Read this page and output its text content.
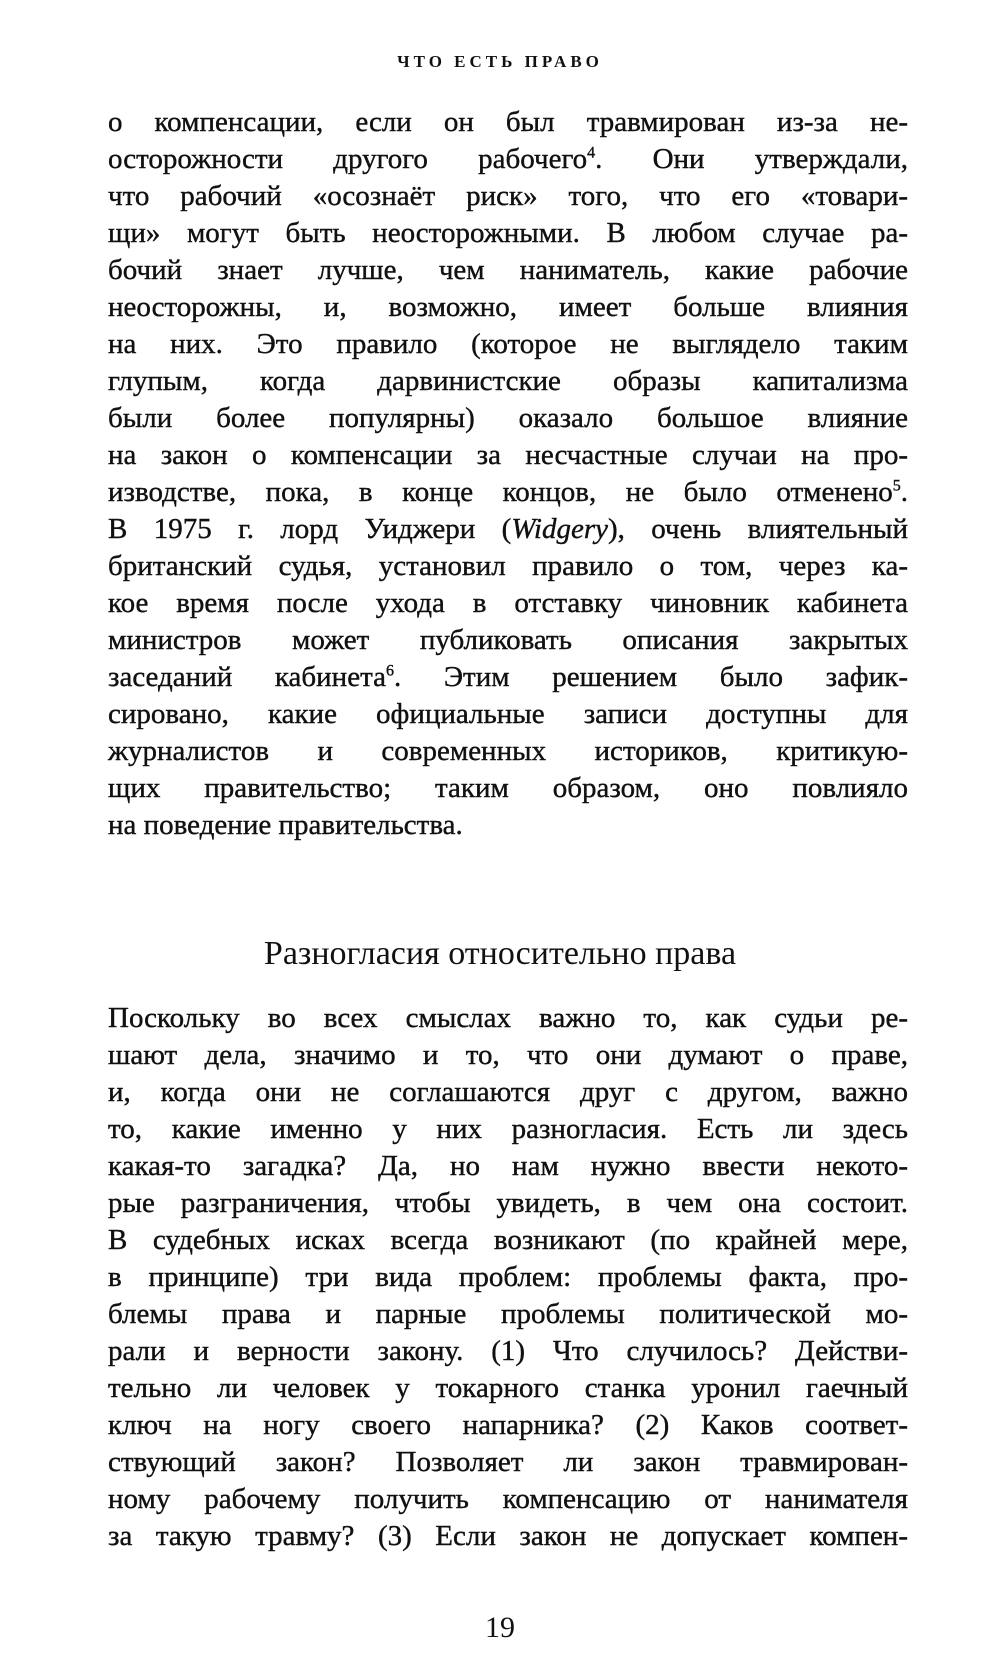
ЧТО ЕСТЬ ПРАВО
о компенсации, если он был травмирован из-за не-
осторожности другого рабочего$^4$. Они утверждали,
что рабочий «осознаёт риск» того, что его «товари-
щи» могут быть неосторожными. В любом случае ра-
бочий знает лучше, чем наниматель, какие рабочие
неосторожны, и, возможно, имеет больше влияния
на них. Это правило (которое не выглядело таким
глупым, когда дарвинистские образы капитализма
были более популярны) оказало большое влияние
на закон о компенсации за несчастные случаи на про-
изводстве, пока, в конце концов, не было отменено$^5$.
В 1975 г. лорд Уиджери (Widgery), очень влиятельный
британский судья, установил правило о том, через ка-
кое время после ухода в отставку чиновник кабинета
министров может публиковать описания закрытых
заседаний кабинета$^6$. Этим решением было зафик-
сировано, какие официальные записи доступны для
журналистов и современных историков, критикую-
щих правительство; таким образом, оно повлияло
на поведение правительства.
Разногласия относительно права
Поскольку во всех смыслах важно то, как судьи ре-
шают дела, значимо и то, что они думают о праве,
и, когда они не соглашаются друг с другом, важно
то, какие именно у них разногласия. Есть ли здесь
какая-то загадка? Да, но нам нужно ввести некото-
рые разграничения, чтобы увидеть, в чем она состоит.
В судебных исках всегда возникают (по крайней мере,
в принципе) три вида проблем: проблемы факта, про-
блемы права и парные проблемы политической мо-
рали и верности закону. (1) Что случилось? Действи-
тельно ли человек у токарного станка уронил гаечный
ключ на ногу своего напарника? (2) Каков соответ-
ствующий закон? Позволяет ли закон травмирован-
ному рабочему получить компенсацию от нанимателя
за такую травму? (3) Если закон не допускает компен-
19
